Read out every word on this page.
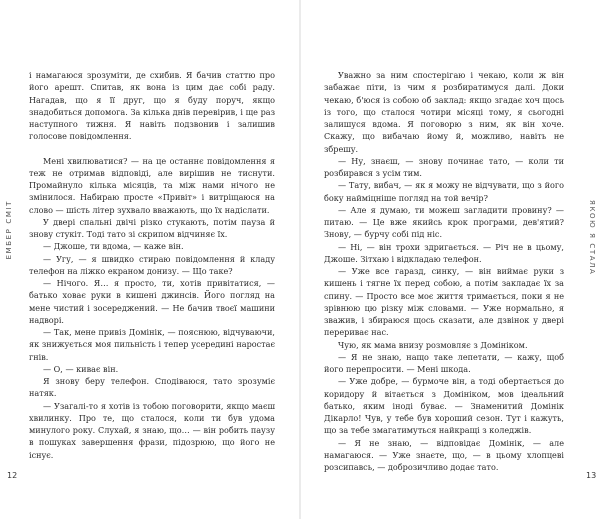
ЕМБЕР СМІТ

і намагаюся зрозуміти, де схибив. Я бачив статтю про його арешт. Спитав, як вона із цим дає собі раду. Нагадав, що я її друг, що я буду поруч, якщо знадобиться допомога. За кілька днів перевірив, і ще раз наступного тижня. Я навіть подзвонив і залишив голосове повідомлення.

Мені хвилюватися? — на це останнє повідомлення я теж не отримав відповіді, але вирішив не тиснути. Промайнуло кілька місяців, та між нами нічого не змінилося. Набираю просте «Привіт» і витріщаюся на слово — шість літер зухвало вважають, що їх надіслати.

У двері спальні двічі різко стукають, потім пауза й знову стукіт. Тоді тато зі скрипом відчиняє їх.

— Джоше, ти вдома, — каже він.

— Угу, — я швидко стираю повідомлення й кладу телефон на ліжко екраном донизу. — Що таке?

— Нічого. Я… я просто, ти, хотів привітатися, — батько ховає руки в кишені джинсів. Його погляд на мене чистий і зосереджений. — Не бачив твоєї машини надворі.

— Так, мене привіз Домінік, — пояснюю, відчуваючи, як знижується моя пильність і тепер усередині наростає гнів.

— О, — киває він.

Я знову беру телефон. Сподіваюся, тато зрозуміє натяк.

— Узагалі-то я хотів із тобою поговорити, якщо маєш хвилинку. Про те, що сталося, коли ти був удома минулого року. Слухай, я знаю, що… — він робить паузу в пошуках завершення фрази, підозрюю, що його не існує.

12

Уважно за ним спостерігаю і чекаю, коли ж він забажає піти, із чим я розбиратимуся далі. Доки чекаю, б'юся із собою об заклад: якщо згадає хоч щось із того, що сталося чотири місяці тому, я сьогодні залишуся вдома. Я поговорю з ним, як він хоче. Скажу, що вибачаю йому й, можливо, навіть не збрешу.

— Ну, знаєш, — знову починає тато, — коли ти розбирався з усім тим.

— Тату, вибач, — як я можу не відчувати, що з його боку найміцніше погляд на той вечір?

— Але я думаю, ти можеш загладити провину? — питаю. — Це вже якийсь крок програми, дев'ятий? Знову, — бурчу собі під ніс.

— Ні, — він трохи здригається. — Річ не в цьому, Джоше. Зітхаю і відкладаю телефон.

— Уже все гаразд, синку, — він виймає руки з кишень і тягне їх перед собою, а потім закладає їх за спину. — Просто все моє життя тримається, поки я не зрівнюю цю різку між словами. — Уже нормально, я зважив, і збираюся щось сказати, але дзвінок у двері перериває нас.

Чую, як мама внизу розмовляє з Домініком.

— Я не знаю, нащо таке лепетати, — кажу, щоб його перепросити. — Мені шкода.

— Уже добре, — бурмоче він, а тоді обертається до коридору й вітається з Домініком, мов ідеальний батько, яким іноді буває. — Знаменитий Домінік Дікарло! Чув, у тебе був хороший сезон. Тут і кажуть, що за тебе змагатимуться найкращі з коледжів.

— Я не знаю, — відповідає Домінік, — але намагаюся. — Уже знаєте, що, — в цьому хлопцеві розсипавсь, — доброзичливо додає тато.

ЯКОЮ Я СТАЛА
13
